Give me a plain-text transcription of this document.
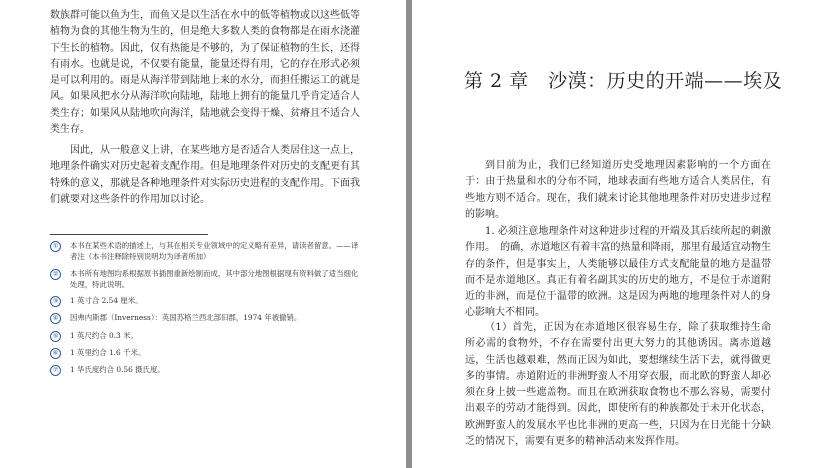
数族群可能以鱼为生，而鱼又是以生活在水中的低等植物或以这些低等植物为食的其他生物为生的，但是绝大多数人类的食物都是在雨水浇灌下生长的植物。因此，仅有热能是不够的，为了保证植物的生长，还得有雨水。也就是说，不仅要有能量，能量还得有用，它的存在形式必须是可以利用的。雨是从海洋带到陆地上来的水分，而担任搬运工的就是风。如果风把水分从海洋吹向陆地，陆地上拥有的能量几乎肯定适合人类生存；如果风从陆地吹向海洋，陆地就会变得干燥、贫瘠且不适合人类生存。

因此，从一般意义上讲，在某些地方是否适合人类居住这一点上，地理条件确实对历史起着支配作用。但是地理条件对历史的支配更有其特殊的意义，那就是各种地理条件对实际历史进程的支配作用。下面我们就要对这些条件的作用加以讨论。

①	本书在某些术语的描述上，与其在相关专业领域中的定义略有差异，请读者留意。——译者注（本书注释除特别说明均为译者所加）
②	本书所有地图均系根据原书插图重新绘制而成，其中部分地图根据现有资料做了适当细化处理，特此说明。
③	1 英寸合 2.54 厘米。
④	因弗内斯郡（Inverness）：英国苏格兰西北部旧郡，1974 年被撤销。
⑤	1 英尺约合 0.3 米。
⑥	1 英里约合 1.6 千米。
⑦	1 华氏度约合 0.56 摄氏度。
第 2 章　沙漠：历史的开端——埃及

到目前为止，我们已经知道历史受地理因素影响的一个方面在于：由于热量和水的分布不同，地球表面有些地方适合人类居住，有些地方则不适合。现在，我们就来讨论其他地理条件对历史进步过程的影响。

1. 必须注意地理条件对这种进步过程的开端及其后续所起的刺激作用。　的确，赤道地区有着丰富的热量和降雨，那里有最适宜动物生存的条件，但是事实上，人类能够以最佳方式支配能量的地方是温带而不是赤道地区。真正有着名副其实的历史的地方，不是位于赤道附近的非洲，而是位于温带的欧洲。这是因为两地的地理条件对人的身心影响大不相同。

（1）首先，正因为在赤道地区很容易生存，除了获取维持生命所必需的食物外，不存在需要付出更大努力的其他诱因。离赤道越远，生活也越艰难，然而正因为如此，要想继续生活下去，就得做更多的事情。赤道附近的非洲野蛮人不用穿衣服，而北欧的野蛮人却必须在身上披一些遮盖物。而且在欧洲获取食物也不那么容易，需要付出艰辛的劳动才能得到。因此，即使所有的种族都处于未开化状态，欧洲野蛮人的发展水平也比非洲的更高一些，只因为在日光能十分缺乏的情况下，需要有更多的精神活动来发挥作用。
